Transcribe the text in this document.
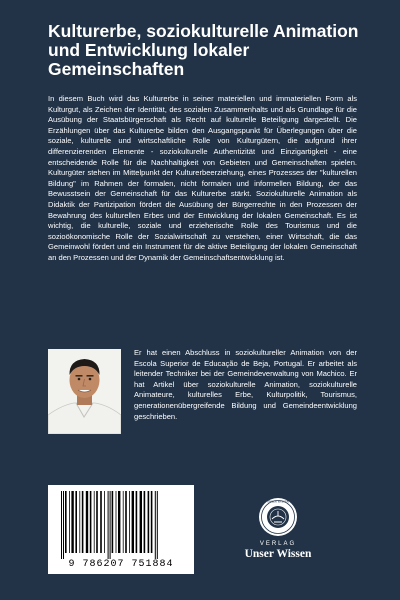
Kulturerbe, soziokulturelle Animation und Entwicklung lokaler Gemeinschaften

In diesem Buch wird das Kulturerbe in seiner materiellen und immateriellen Form als Kulturgut, als Zeichen der Identität, des sozialen Zusammenhalts und als Grundlage für die Ausübung der Staatsbürgerschaft als Recht auf kulturelle Beteiligung dargestellt. Die Erzählungen über das Kulturerbe bilden den Ausgangspunkt für Überlegungen über die soziale, kulturelle und wirtschaftliche Rolle von Kulturgütern, die aufgrund ihrer differenzierenden Elemente - soziokulturelle Authentizität und Einzigartigkeit - eine entscheidende Rolle für die Nachhaltigkeit von Gebieten und Gemeinschaften spielen. Kulturgüter stehen im Mittelpunkt der Kulturerbeerziehung, eines Prozesses der "kulturellen Bildung" im Rahmen der formalen, nicht formalen und informellen Bildung, der das Bewusstsein der Gemeinschaft für das Kulturerbe stärkt. Soziokulturelle Animation als Didaktik der Partizipation fördert die Ausübung der Bürgerrechte in den Prozessen der Bewahrung des kulturellen Erbes und der Entwicklung der lokalen Gemeinschaft. Es ist wichtig, die kulturelle, soziale und erzieherische Rolle des Tourismus und die sozioökonomische Rolle der Sozialwirtschaft zu verstehen, einer Wirtschaft, die das Gemeinwohl fördert und ein Instrument für die aktive Beteiligung der lokalen Gemeinschaft an den Prozessen und der Dynamik der Gemeinschaftsentwicklung ist.

Er hat einen Abschluss in soziokultureller Animation von der Escola Superior de Educação de Beja, Portugal. Er arbeitet als leitender Techniker bei der Gemeindeverwaltung von Machico. Er hat Artikel über soziokulturelle Animation, soziokulturelle Animateure, kulturelles Erbe, Kulturpolitik, Tourismus, generationenübergreifende Bildung und Gemeindeentwicklung geschrieben.

9 786207 751884
UNSER WISSEN
VERLAG
Unser Wissen
